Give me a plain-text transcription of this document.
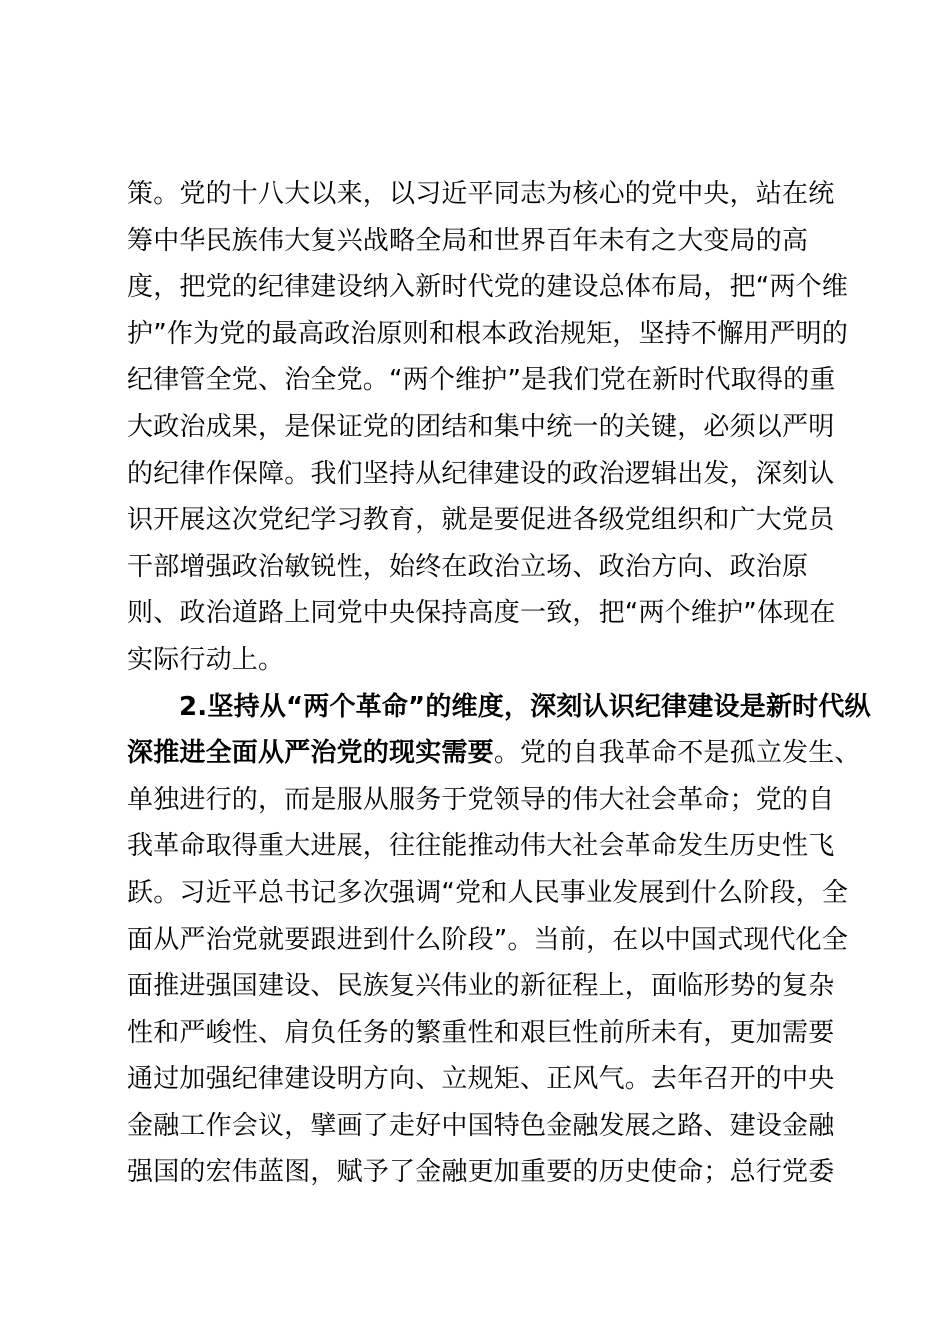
策。党的十八大以来，以习近平同志为核心的党中央，站在统
筹中华民族伟大复兴战略全局和世界百年未有之大变局的高
度，把党的纪律建设纳入新时代党的建设总体布局，把“两个维
护”作为党的最高政治原则和根本政治规矩，坚持不懈用严明的
纪律管全党、治全党。“两个维护”是我们党在新时代取得的重
大政治成果，是保证党的团结和集中统一的关键，必须以严明
的纪律作保障。我们坚持从纪律建设的政治逻辑出发，深刻认
识开展这次党纪学习教育，就是要促进各级党组织和广大党员
干部增强政治敏锐性，始终在政治立场、政治方向、政治原
则、政治道路上同党中央保持高度一致，把“两个维护”体现在
实际行动上。
2.坚持从“两个革命”的维度，深刻认识纪律建设是新时代纵
深推进全面从严治党的现实需要。党的自我革命不是孤立发生、
单独进行的，而是服从服务于党领导的伟大社会革命；党的自
我革命取得重大进展，往往能推动伟大社会革命发生历史性飞
跃。习近平总书记多次强调“党和人民事业发展到什么阶段，全
面从严治党就要跟进到什么阶段”。当前，在以中国式现代化全
面推进强国建设、民族复兴伟业的新征程上，面临形势的复杂
性和严峻性、肩负任务的繁重性和艰巨性前所未有，更加需要
通过加强纪律建设明方向、立规矩、正风气。去年召开的中央
金融工作会议，擘画了走好中国特色金融发展之路、建设金融
强国的宏伟蓝图，赋予了金融更加重要的历史使命；总行党委
